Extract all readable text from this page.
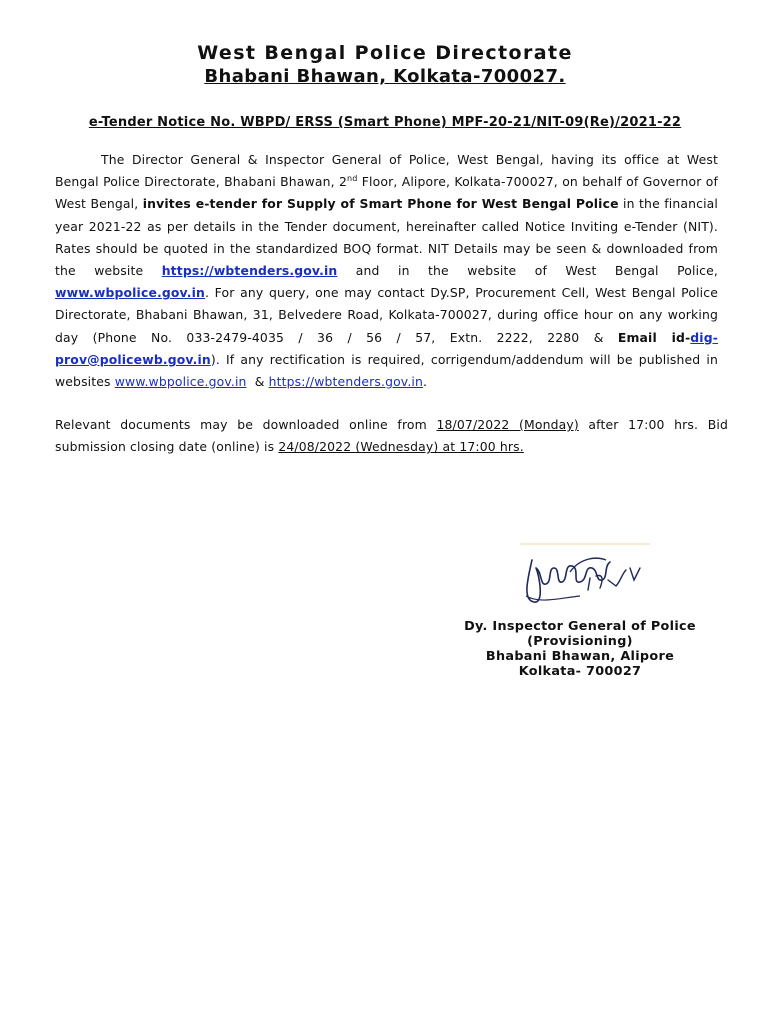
West Bengal Police Directorate
Bhabani Bhawan, Kolkata-700027.
e-Tender Notice No. WBPD/ ERSS (Smart Phone) MPF-20-21/NIT-09(Re)/2021-22
The Director General & Inspector General of Police, West Bengal, having its office at West Bengal Police Directorate, Bhabani Bhawan, 2nd Floor, Alipore, Kolkata-700027, on behalf of Governor of West Bengal, invites e-tender for Supply of Smart Phone for West Bengal Police in the financial year 2021-22 as per details in the Tender document, hereinafter called Notice Inviting e-Tender (NIT). Rates should be quoted in the standardized BOQ format. NIT Details may be seen & downloaded from the website https://wbtenders.gov.in and in the website of West Bengal Police, www.wbpolice.gov.in. For any query, one may contact Dy.SP, Procurement Cell, West Bengal Police Directorate, Bhabani Bhawan, 31, Belvedere Road, Kolkata-700027, during office hour on any working day (Phone No. 033-2479-4035 / 36 / 56 / 57, Extn. 2222, 2280 & Email id-dig-prov@policewb.gov.in). If any rectification is required, corrigendum/addendum will be published in websites www.wbpolice.gov.in  & https://wbtenders.gov.in.
Relevant documents may be downloaded online from 18/07/2022 (Monday) after 17:00 hrs. Bid submission closing date (online) is 24/08/2022 (Wednesday) at 17:00 hrs.
Dy. Inspector General of Police
(Provisioning)
Bhabani Bhawan, Alipore
Kolkata- 700027
